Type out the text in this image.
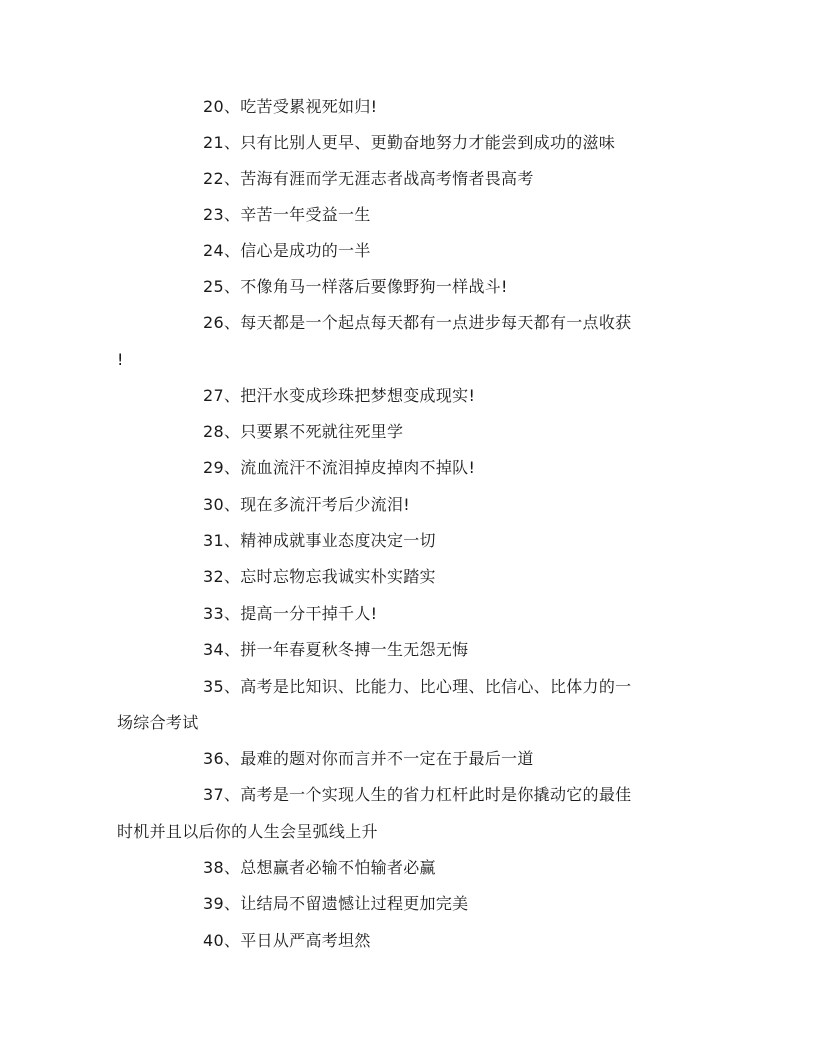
20、吃苦受累视死如归!
21、只有比别人更早、更勤奋地努力才能尝到成功的滋味
22、苦海有涯而学无涯志者战高考惰者畏高考
23、辛苦一年受益一生
24、信心是成功的一半
25、不像角马一样落后要像野狗一样战斗!
26、每天都是一个起点每天都有一点进步每天都有一点收获
!
27、把汗水变成珍珠把梦想变成现实!
28、只要累不死就往死里学
29、流血流汗不流泪掉皮掉肉不掉队!
30、现在多流汗考后少流泪!
31、精神成就事业态度决定一切
32、忘时忘物忘我诚实朴实踏实
33、提高一分干掉千人!
34、拼一年春夏秋冬搏一生无怨无悔
35、高考是比知识、比能力、比心理、比信心、比体力的一
场综合考试
36、最难的题对你而言并不一定在于最后一道
37、高考是一个实现人生的省力杠杆此时是你撬动它的最佳
时机并且以后你的人生会呈弧线上升
38、总想赢者必输不怕输者必赢
39、让结局不留遗憾让过程更加完美
40、平日从严高考坦然
